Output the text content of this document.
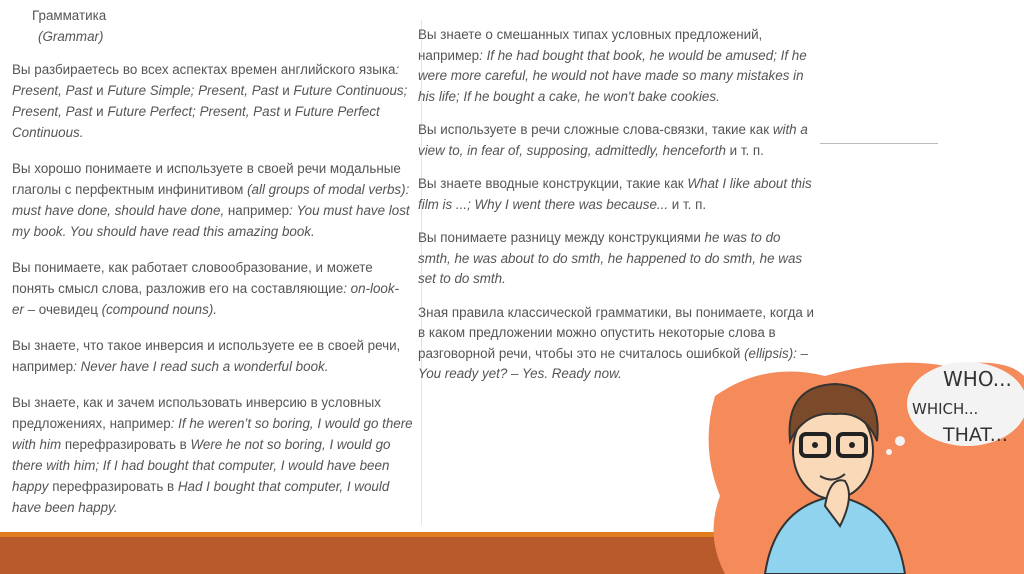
Грамматика

(Grammar)

Вы разбираетесь во всех аспектах времен английского языка: Present, Past и Future Simple; Present, Past и Future Continuous; Present, Past и Future Perfect; Present, Past и Future Perfect Continuous.

Вы хорошо понимаете и используете в своей речи модальные глаголы с перфектным инфинитивом (all groups of modal verbs): must have done, should have done, например: You must have lost my book. You should have read this amazing book.

Вы понимаете, как работает словообразование, и можете понять смысл слова, разложив его на составляющие: on-look-er – очевидец (compound nouns).

Вы знаете, что такое инверсия и используете ее в своей речи, например: Never have I read such a wonderful book.

Вы знаете, как и зачем использовать инверсию в условных предложениях, например: If he weren’t so boring, I would go there with him перефразировать в Were he not so boring, I would go there with him; If I had bought that computer, I would have been happy перефразировать в Had I bought that computer, I would have been happy.

Вы знаете о смешанных типах условных предложений, например: If he had bought that book, he would be amused; If he were more careful, he would not have made so many mistakes in his life; If he bought a cake, he won't bake cookies.

Вы используете в речи сложные слова-связки, такие как with a view to, in fear of, supposing, admittedly, henceforth и т. п.

Вы знаете вводные конструкции, такие как What I like about this film is ...; Why I went there was because... и т. п.

Вы понимаете разницу между конструкциями he was to do smth, he was about to do smth, he happened to do smth, he was set to do smth.

Зная правила классической грамматики, вы понимаете, когда и в каком предложении можно опустить некоторые слова в разговорной речи, чтобы это не считалось ошибкой (ellipsis): – You ready yet? – Yes. Ready now.	WHO...
WHICH...
THAT...
